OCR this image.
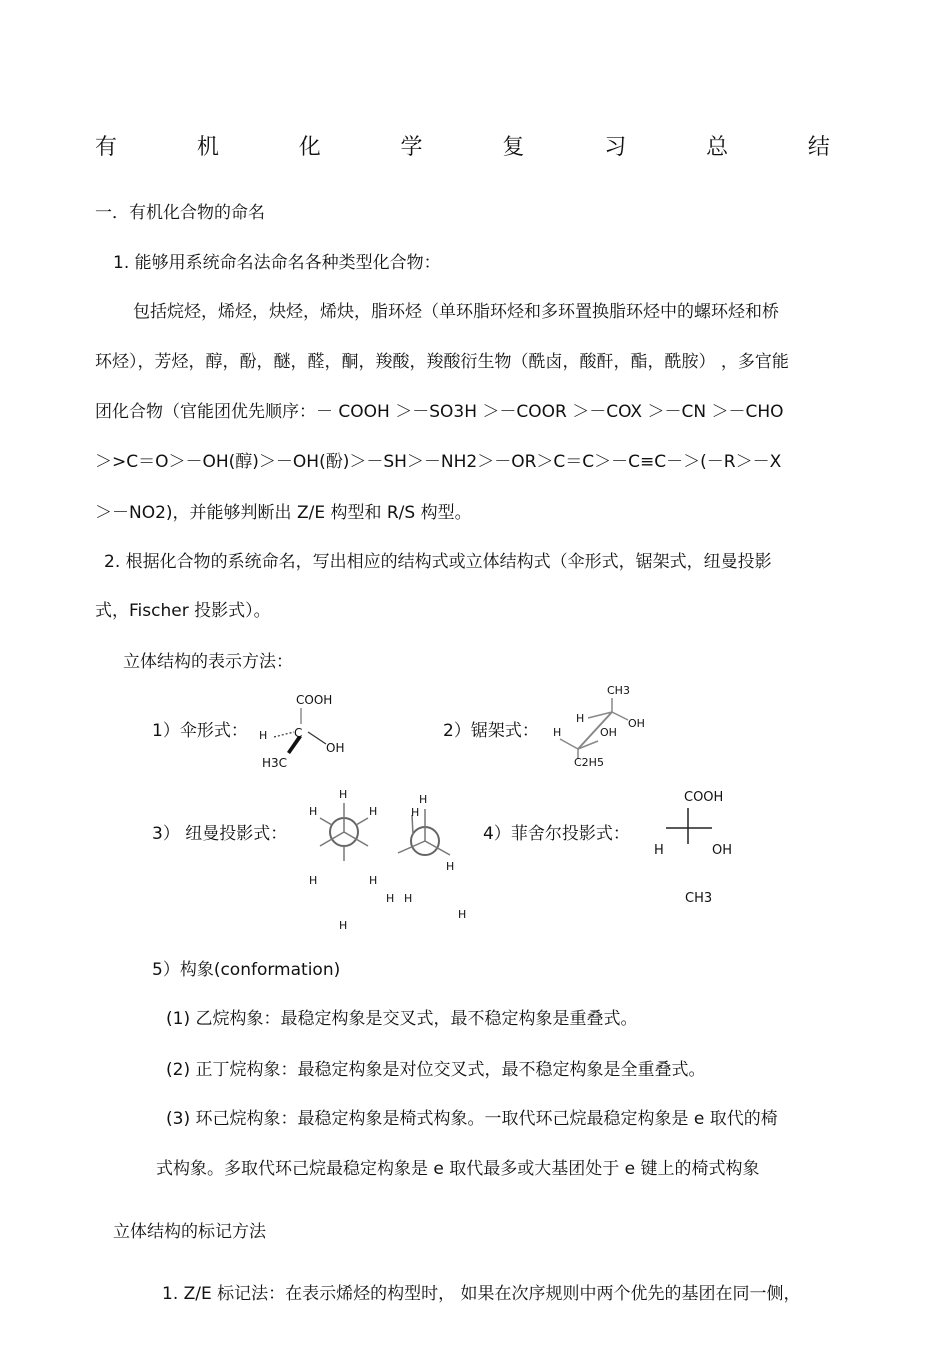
有	机	化	学	复	习	总	结
一．有机化合物的命名
1. 能够用系统命名法命名各种类型化合物：
包括烷烃，烯烃，炔烃，烯炔，脂环烃（单环脂环烃和多环置换脂环烃中的螺环烃和桥
环烃），芳烃，醇，酚，醚，醛，酮，羧酸，羧酸衍生物（酰卤，酸酐，酯，酰胺） ，多官能
团化合物（官能团优先顺序：－ COOH ＞－SO3H ＞－COOR ＞－COX ＞－CN ＞－CHO
＞>C＝O＞－OH(醇)＞－OH(酚)＞－SH＞－NH2＞－OR＞C＝C＞－C≡C－＞(－R＞－X
＞－NO2)，并能够判断出 Z/E 构型和 R/S 构型。
2. 根据化合物的系统命名，写出相应的结构式或立体结构式（伞形式，锯架式，纽曼投影
式，Fischer 投影式）。
立体结构的表示方法：
1）伞形式：
COOH
C
H
OH
H3C
2）锯架式：
CH3
H	OH
H	OH
C2H5
3） 纽曼投影式：
H
H	H
H	H
H
H
H
H
H H
H
4）菲舍尔投影式：
COOH
H	OH
CH3
5）构象(conformation)
(1) 乙烷构象：最稳定构象是交叉式，最不稳定构象是重叠式。
(2) 正丁烷构象：最稳定构象是对位交叉式，最不稳定构象是全重叠式。
(3) 环己烷构象：最稳定构象是椅式构象。一取代环己烷最稳定构象是 e 取代的椅
式构象。多取代环己烷最稳定构象是 e 取代最多或大基团处于 e 键上的椅式构象
立体结构的标记方法
1. Z/E 标记法：在表示烯烃的构型时， 如果在次序规则中两个优先的基团在同一侧，
